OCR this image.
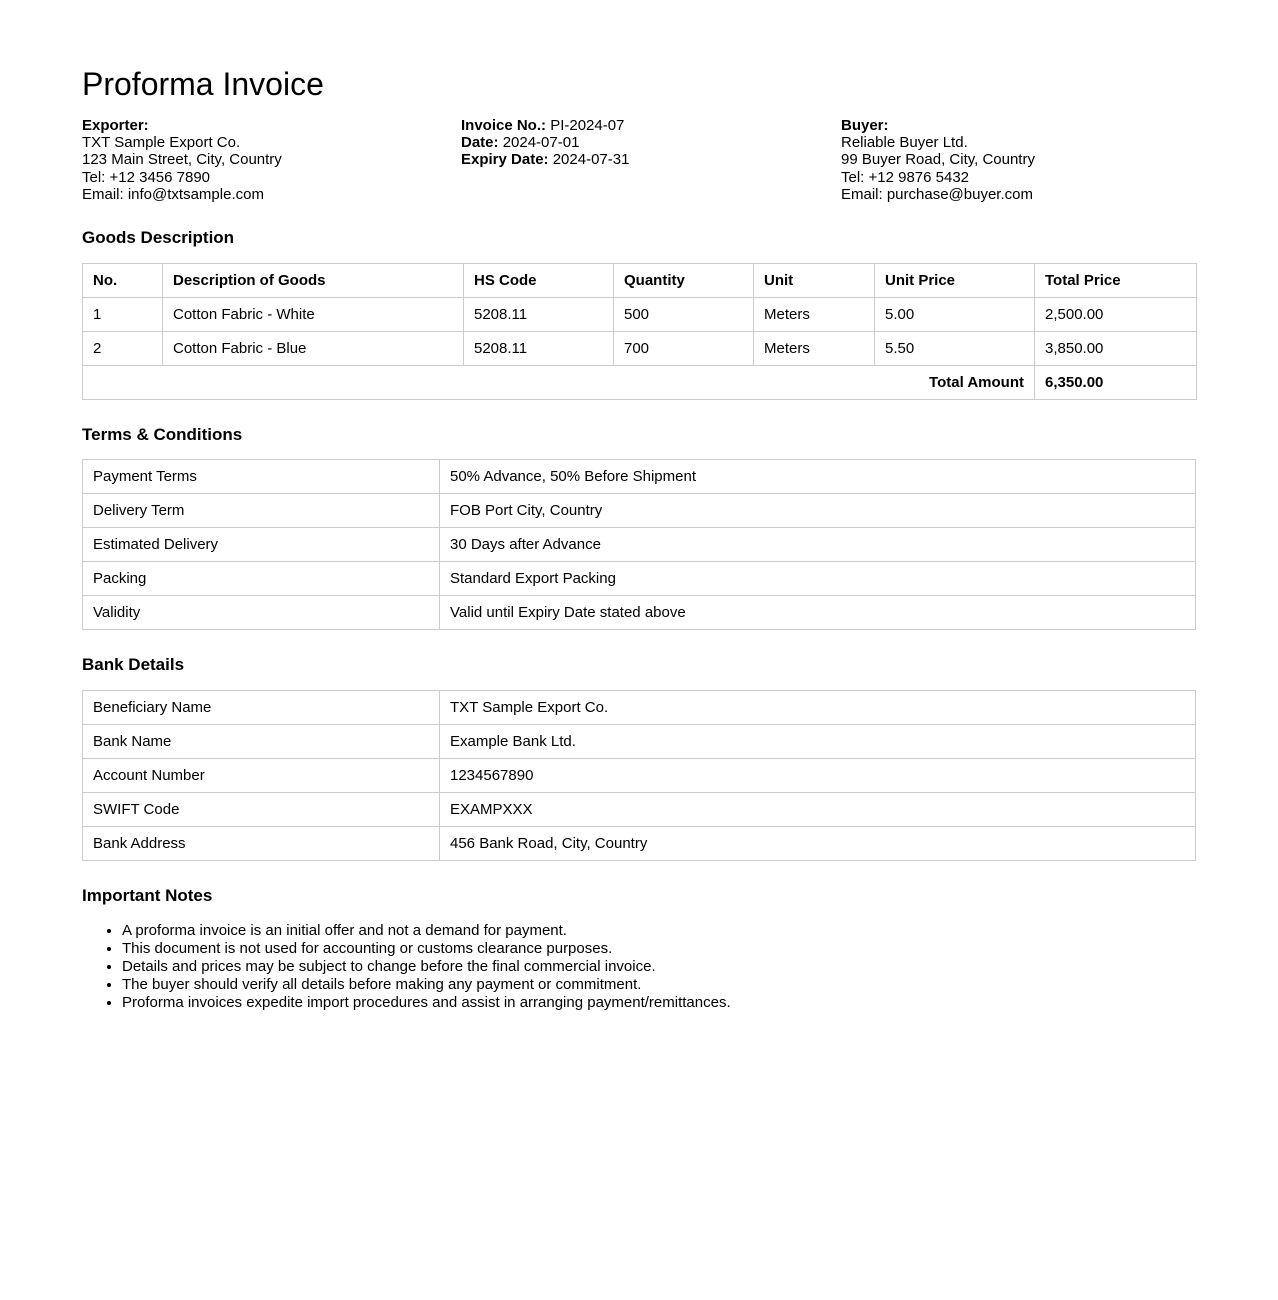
Proforma Invoice
Exporter:
TXT Sample Export Co.
123 Main Street, City, Country
Tel: +12 3456 7890
Email: info@txtsample.com
Invoice No.: PI-2024-07
Date: 2024-07-01
Expiry Date: 2024-07-31
Buyer:
Reliable Buyer Ltd.
99 Buyer Road, City, Country
Tel: +12 9876 5432
Email: purchase@buyer.com
Goods Description
No.	Description of Goods	HS Code	Quantity	Unit	Unit Price	Total Price
1	Cotton Fabric - White	5208.11	500	Meters	5.00	2,500.00
2	Cotton Fabric - Blue	5208.11	700	Meters	5.50	3,850.00
Total Amount						6,350.00
Terms & Conditions
Payment Terms	50% Advance, 50% Before Shipment
Delivery Term	FOB Port City, Country
Estimated Delivery	30 Days after Advance
Packing	Standard Export Packing
Validity	Valid until Expiry Date stated above
Bank Details
Beneficiary Name	TXT Sample Export Co.
Bank Name	Example Bank Ltd.
Account Number	1234567890
SWIFT Code	EXAMPXXX
Bank Address	456 Bank Road, City, Country
Important Notes
• A proforma invoice is an initial offer and not a demand for payment.
• This document is not used for accounting or customs clearance purposes.
• Details and prices may be subject to change before the final commercial invoice.
• The buyer should verify all details before making any payment or commitment.
• Proforma invoices expedite import procedures and assist in arranging payment/remittances.
